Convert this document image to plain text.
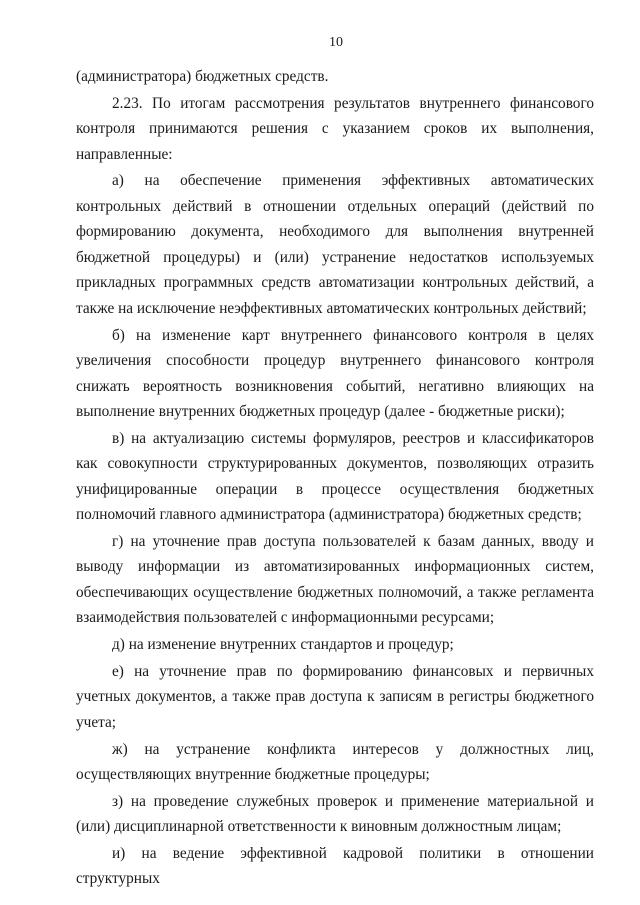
10

(администратора) бюджетных средств.

2.23. По итогам рассмотрения результатов внутреннего финансового контроля принимаются решения с указанием сроков их выполнения, направленные:

а) на обеспечение применения эффективных автоматических контрольных действий в отношении отдельных операций (действий по формированию документа, необходимого для выполнения внутренней бюджетной процедуры) и (или) устранение недостатков используемых прикладных программных средств автоматизации контрольных действий, а также на исключение неэффективных автоматических контрольных действий;

б) на изменение карт внутреннего финансового контроля в целях увеличения способности процедур внутреннего финансового контроля снижать вероятность возникновения событий, негативно влияющих на выполнение внутренних бюджетных процедур (далее - бюджетные риски);

в) на актуализацию системы формуляров, реестров и классификаторов как совокупности структурированных документов, позволяющих отразить унифицированные операции в процессе осуществления бюджетных полномочий главного администратора (администратора) бюджетных средств;

г) на уточнение прав доступа пользователей к базам данных, вводу и выводу информации из автоматизированных информационных систем, обеспечивающих осуществление бюджетных полномочий, а также регламента взаимодействия пользователей с информационными ресурсами;

д) на изменение внутренних стандартов и процедур;

е) на уточнение прав по формированию финансовых и первичных учетных документов, а также прав доступа к записям в регистры бюджетного учета;

ж) на устранение конфликта интересов у должностных лиц, осуществляющих внутренние бюджетные процедуры;

з) на проведение служебных проверок и применение материальной и (или) дисциплинарной ответственности к виновным должностным лицам;

и) на ведение эффективной кадровой политики в отношении структурных
